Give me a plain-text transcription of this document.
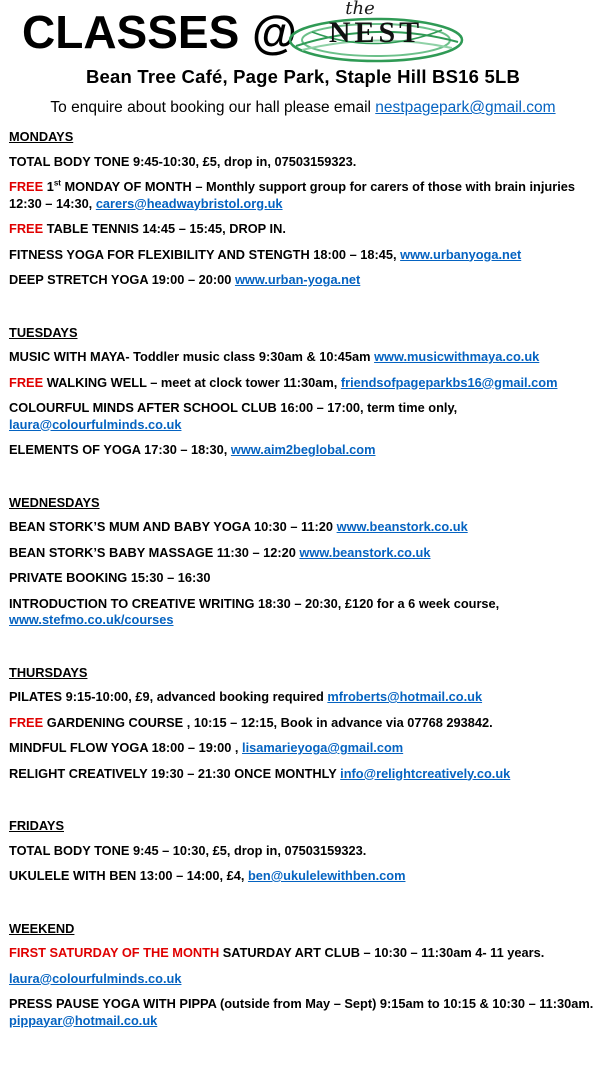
CLASSES @	the
NEST
Bean Tree Café, Page Park, Staple Hill BS16 5LB
To enquire about booking our hall please email nestpagepark@gmail.com
MONDAYS
TOTAL BODY TONE 9:45-10:30, £5, drop in, 07503159323.
FREE 1st MONDAY OF MONTH – Monthly support group for carers of those with brain injuries 12:30 – 14:30, carers@headwaybristol.org.uk
FREE TABLE TENNIS 14:45 – 15:45, DROP IN.
FITNESS YOGA FOR FLEXIBILITY AND STENGTH 18:00 – 18:45, www.urbanyoga.net
DEEP STRETCH YOGA 19:00 – 20:00 www.urban-yoga.net
TUESDAYS
MUSIC WITH MAYA- Toddler music class 9:30am & 10:45am www.musicwithmaya.co.uk
FREE WALKING WELL – meet at clock tower 11:30am, friendsofpageparkbs16@gmail.com
COLOURFUL MINDS AFTER SCHOOL CLUB 16:00 – 17:00, term time only, laura@colourfulminds.co.uk
ELEMENTS OF YOGA 17:30 – 18:30, www.aim2beglobal.com
WEDNESDAYS
BEAN STORK’S MUM AND BABY YOGA 10:30 – 11:20 www.beanstork.co.uk
BEAN STORK’S BABY MASSAGE 11:30 – 12:20 www.beanstork.co.uk
PRIVATE BOOKING 15:30 – 16:30
INTRODUCTION TO CREATIVE WRITING 18:30 – 20:30, £120 for a 6 week course, www.stefmo.co.uk/courses
THURSDAYS
PILATES 9:15-10:00, £9, advanced booking required mfroberts@hotmail.co.uk
FREE GARDENING COURSE , 10:15 – 12:15, Book in advance via 07768 293842.
MINDFUL FLOW YOGA 18:00 – 19:00 , lisamarieyoga@gmail.com
RELIGHT CREATIVELY 19:30 – 21:30 ONCE MONTHLY info@relightcreatively.co.uk
FRIDAYS
TOTAL BODY TONE 9:45 – 10:30, £5, drop in, 07503159323.
UKULELE WITH BEN 13:00 – 14:00, £4, ben@ukulelewithben.com
WEEKEND
FIRST SATURDAY OF THE MONTH SATURDAY ART CLUB – 10:30 – 11:30am 4- 11 years.
laura@colourfulminds.co.uk
PRESS PAUSE YOGA WITH PIPPA (outside from May – Sept) 9:15am to 10:15 & 10:30 – 11:30am. pippayar@hotmail.co.uk
